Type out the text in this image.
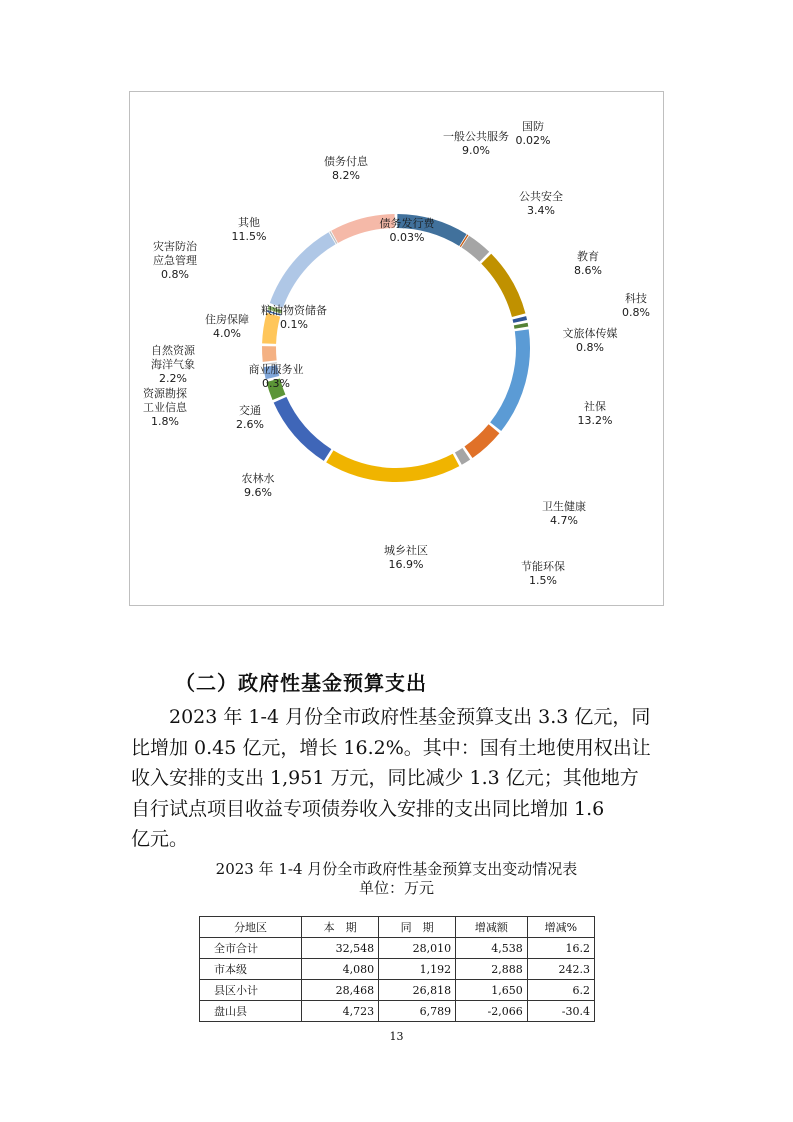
一般公共服务 9.0%
国防 0.02%
公共安全 3.4%
教育 8.6%
科技 0.8%
文旅体传媒 0.8%
社保 13.2%
卫生健康 4.7%
节能环保 1.5%
城乡社区 16.9%
农林水 9.6%
交通 2.6%
资源勘探工业信息 1.8%
商业服务业 0.3%
自然资源海洋气象 2.2%
住房保障 4.0%
粮油物资储备 0.1%
灾害防治应急管理 0.8%
其他 11.5%
债务发行费 0.03%
债务付息 8.2%
（二）政府性基金预算支出
2023 年 1-4 月份全市政府性基金预算支出 3.3 亿元，同
比增加 0.45 亿元，增长 16.2%。其中：国有土地使用权出让
收入安排的支出 1,951 万元，同比减少 1.3 亿元；其他地方
自行试点项目收益专项债券收入安排的支出同比增加 1.6
亿元。
2023 年 1-4 月份全市政府性基金预算支出变动情况表
单位：万元
分地区	本　期	同　期	增减额	增减%
全市合计	32,548	28,010	4,538	16.2
市本级	4,080	1,192	2,888	242.3
县区小计	28,468	26,818	1,650	6.2
盘山县	4,723	6,789	-2,066	-30.4
13
